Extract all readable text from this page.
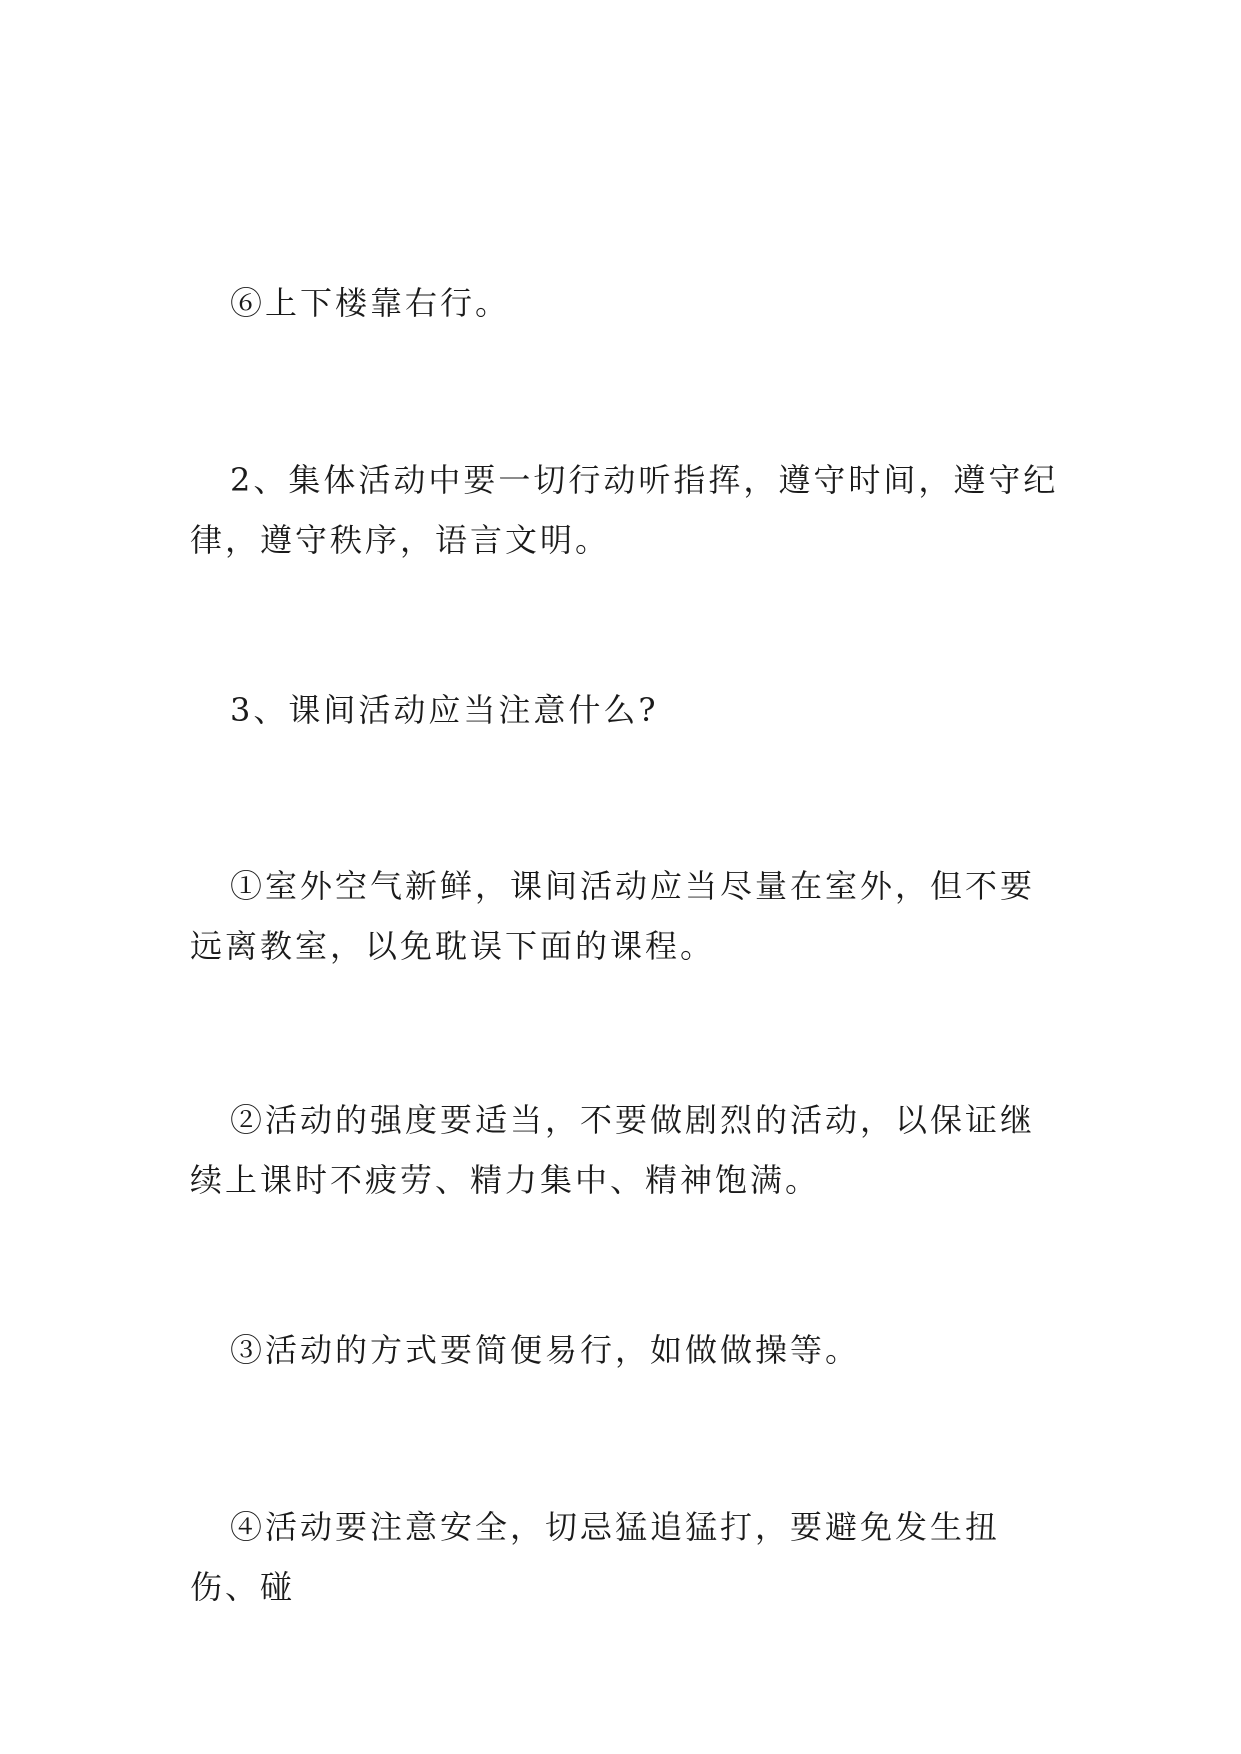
⑥上下楼靠右行。

2、集体活动中要一切行动听指挥，遵守时间，遵守纪律，遵守秩序，语言文明。

3、课间活动应当注意什么?

①室外空气新鲜，课间活动应当尽量在室外，但不要远离教室，以免耽误下面的课程。

②活动的强度要适当，不要做剧烈的活动，以保证继续上课时不疲劳、精力集中、精神饱满。

③活动的方式要简便易行，如做做操等。

④活动要注意安全，切忌猛追猛打，要避免发生扭伤、碰
